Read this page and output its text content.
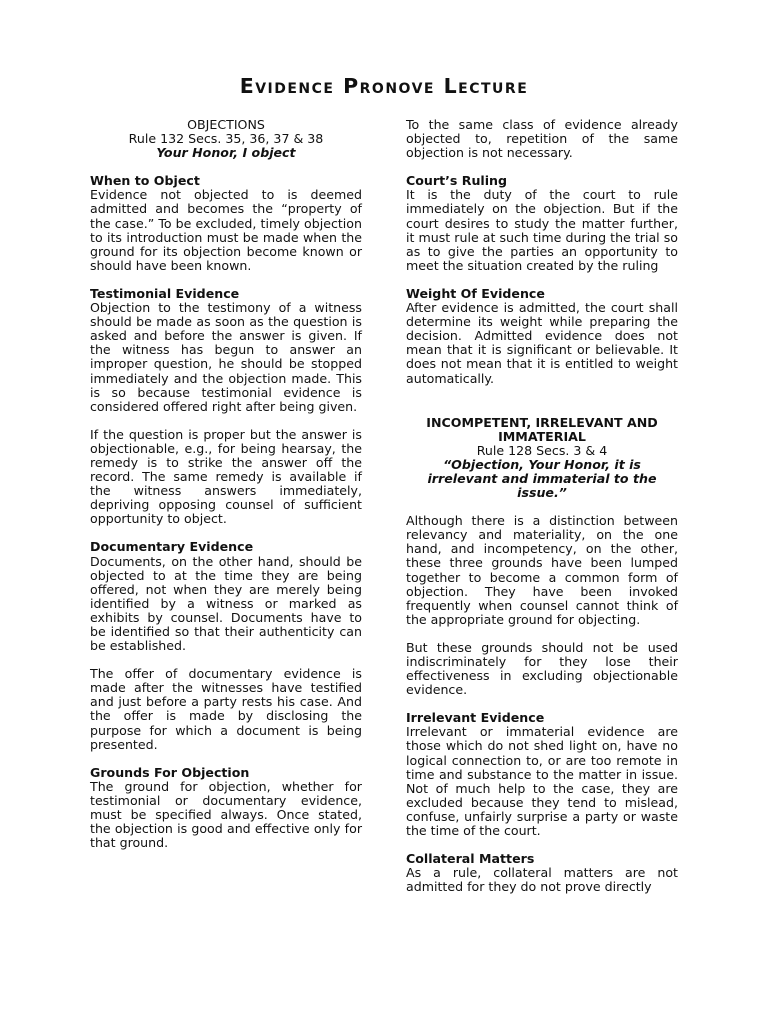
Evidence Pronove Lecture
OBJECTIONS
Rule 132 Secs. 35, 36, 37 & 38
Your Honor, I object
When to Object

Evidence not objected to is deemed admitted and becomes the “property of the case.” To be excluded, timely objection to its introduction must be made when the ground for its objection become known or should have been known.

Testimonial Evidence

Objection to the testimony of a witness should be made as soon as the question is asked and before the answer is given. If the witness has begun to answer an improper question, he should be stopped immediately and the objection made. This is so because testimonial evidence is considered offered right after being given.

If the question is proper but the answer is objectionable, e.g., for being hearsay, the remedy is to strike the answer off the record. The same remedy is available if the witness answers immediately, depriving opposing counsel of sufficient opportunity to object.

Documentary Evidence

Documents, on the other hand, should be objected to at the time they are being offered, not when they are merely being identified by a witness or marked as exhibits by counsel. Documents have to be identified so that their authenticity can be established.

The offer of documentary evidence is made after the witnesses have testified and just before a party rests his case. And the offer is made by disclosing the purpose for which a document is being presented.

Grounds For Objection

The ground for objection, whether for testimonial or documentary evidence, must be specified always. Once stated, the objection is good and effective only for that ground.

To the same class of evidence already objected to, repetition of the same objection is not necessary.

Court’s Ruling

It is the duty of the court to rule immediately on the objection. But if the court desires to study the matter further, it must rule at such time during the trial so as to give the parties an opportunity to meet the situation created by the ruling

Weight Of Evidence

After evidence is admitted, the court shall determine its weight while preparing the decision. Admitted evidence does not mean that it is significant or believable. It does not mean that it is entitled to weight automatically.

INCOMPETENT, IRRELEVANT AND IMMATERIAL
Rule 128 Secs. 3 & 4
“Objection, Your Honor, it is irrelevant and immaterial to the issue.”

Although there is a distinction between relevancy and materiality, on the one hand, and incompetency, on the other, these three grounds have been lumped together to become a common form of objection. They have been invoked frequently when counsel cannot think of the appropriate ground for objecting.

But these grounds should not be used indiscriminately for they lose their effectiveness in excluding objectionable evidence.

Irrelevant Evidence

Irrelevant or immaterial evidence are those which do not shed light on, have no logical connection to, or are too remote in time and substance to the matter in issue. Not of much help to the case, they are excluded because they tend to mislead, confuse, unfairly surprise a party or waste the time of the court.

Collateral Matters

As a rule, collateral matters are not admitted for they do not prove directly
